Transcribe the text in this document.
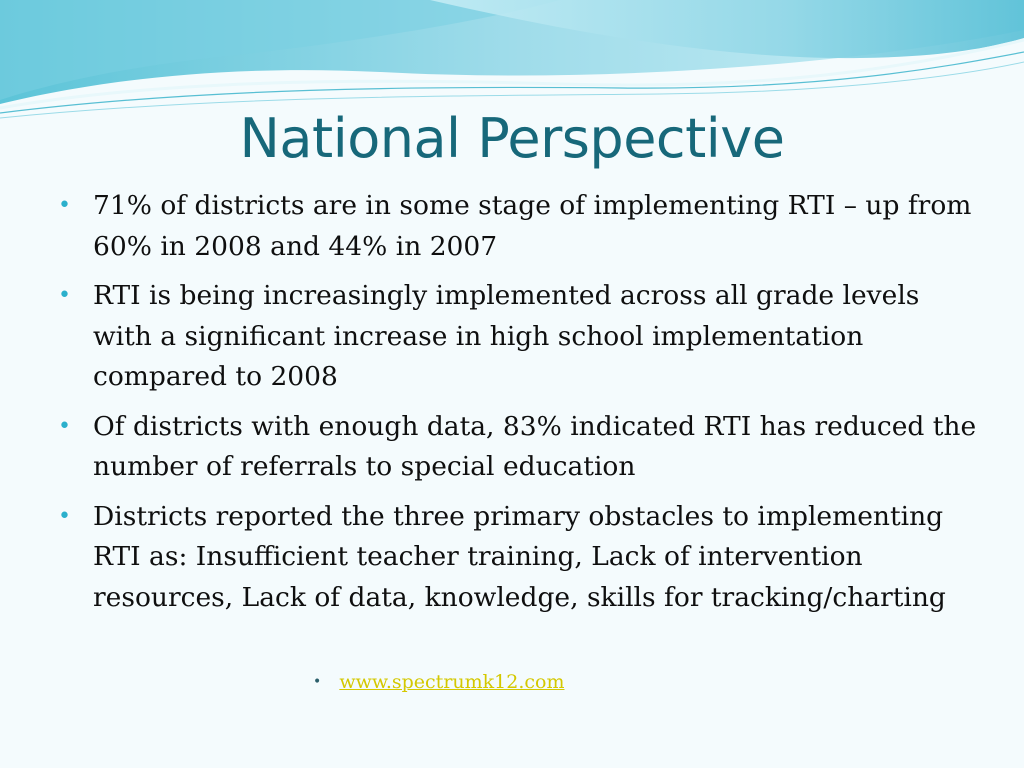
National Perspective
• 71% of districts are in some stage of implementing RTI – up from 60% in 2008 and 44% in 2007
• RTI is being increasingly implemented across all grade levels with a significant increase in high school implementation compared to 2008
• Of districts with enough data, 83% indicated RTI has reduced the number of referrals to special education
• Districts reported the three primary obstacles to implementing RTI as: Insufficient teacher training, Lack of intervention resources, Lack of data, knowledge, skills for tracking/charting
• www.spectrumk12.com
